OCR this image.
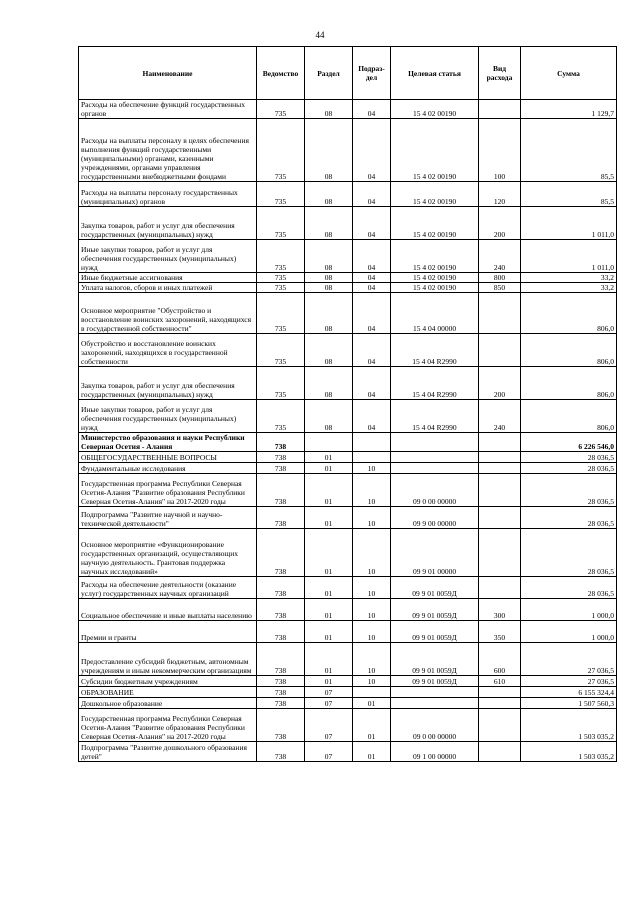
44
Наименование	Ведомство	Раздел	Подраз-дел	Целевая статья	Вид расхода	Сумма
Расходы на обеспечение функций государственных органов	735	08	04	15 4 02 00190		1 129,7
Расходы на выплаты персоналу в целях обеспечения выполнения функций государственными (муниципальными) органами, казенными учреждениями, органами управления государственными внебюджетными фондами	735	08	04	15 4 02 00190	100	85,5
Расходы на выплаты персоналу государственных (муниципальных) органов	735	08	04	15 4 02 00190	120	85,5
Закупка товаров, работ и услуг для обеспечения государственных (муниципальных) нужд	735	08	04	15 4 02 00190	200	1 011,0
Иные закупки товаров, работ и услуг для обеспечения государственных (муниципальных) нужд	735	08	04	15 4 02 00190	240	1 011,0
Иные бюджетные ассигнования	735	08	04	15 4 02 00190	800	33,2
Уплата налогов, сборов и иных платежей	735	08	04	15 4 02 00190	850	33,2
Основное мероприятие "Обустройство и восстановление воинских захоронений, находящихся в государственной собственности"	735	08	04	15 4 04 00000		806,0
Обустройство и восстановление воинских захоронений, находящихся в государственной собственности	735	08	04	15 4 04 R2990		806,0
Закупка товаров, работ и услуг для обеспечения государственных (муниципальных) нужд	735	08	04	15 4 04 R2990	200	806,0
Иные закупки товаров, работ и услуг для обеспечения государственных (муниципальных) нужд	735	08	04	15 4 04 R2990	240	806,0
Министерство образования и науки Республики Северная Осетия - Алания	738					6 226 546,0
ОБЩЕГОСУДАРСТВЕННЫЕ ВОПРОСЫ	738	01				28 036,5
Фундаментальные исследования	738	01	10			28 036,5
Государственная программа Республики Северная Осетия-Алания "Развитие образования Республики Северная Осетия-Алания" на 2017-2020 годы	738	01	10	09 0 00 00000		28 036,5
Подпрограмма "Развитие научной и научно-технической деятельности"	738	01	10	09 9 00 00000		28 036,5
Основное мероприятие «Функционирование государственных организаций, осуществляющих научную деятельность. Грантовая поддержка научных исследований»	738	01	10	09 9 01 00000		28 036,5
Расходы на обеспечение деятельности (оказание услуг) государственных научных организаций	738	01	10	09 9 01 0059Д		28 036,5
Социальное обеспечение и иные выплаты населению	738	01	10	09 9 01 0059Д	300	1 000,0
Премии и гранты	738	01	10	09 9 01 0059Д	350	1 000,0
Предоставление субсидий бюджетным, автономным учреждениям и иным некоммерческим организациям	738	01	10	09 9 01 0059Д	600	27 036,5
Субсидии бюджетным учреждениям	738	01	10	09 9 01 0059Д	610	27 036,5
ОБРАЗОВАНИЕ	738	07				6 155 324,4
Дошкольное образование	738	07	01			1 507 560,3
Государственная программа Республики Северная Осетия-Алания "Развитие образования Республики Северная Осетия-Алания" на 2017-2020 годы	738	07	01	09 0 00 00000		1 503 035,2
Подпрограмма "Развитие дошкольного образования детей"	738	07	01	09 1 00 00000		1 503 035,2
